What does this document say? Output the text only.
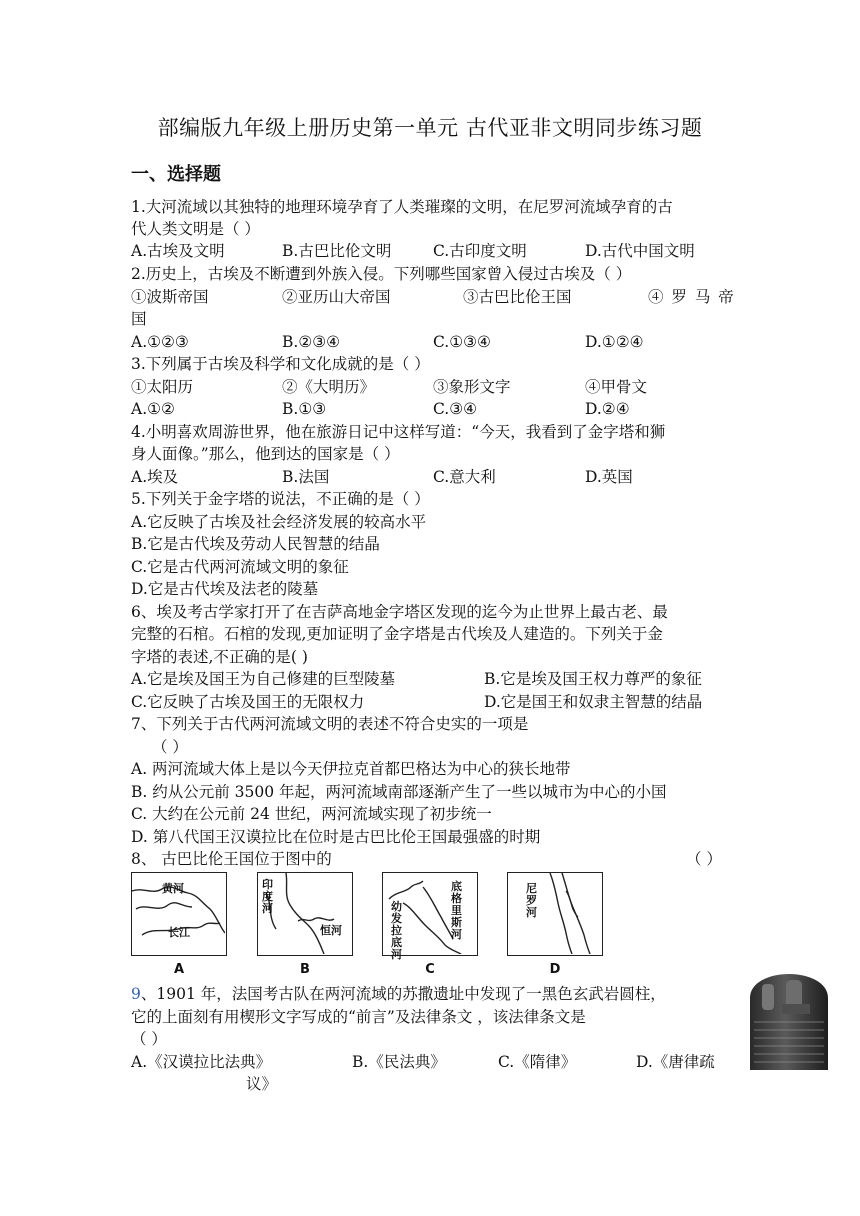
部编版九年级上册历史第一单元 古代亚非文明同步练习题
一、选择题
1.大河流域以其独特的地理环境孕育了人类璀璨的文明，在尼罗河流域孕育的古
代人类文明是（ ）
A.古埃及文明	B.古巴比伦文明	C.古印度文明	D.古代中国文明
2.历史上，古埃及不断遭到外族入侵。下列哪些国家曾入侵过古埃及（ ）
①波斯帝国	②亚历山大帝国	③古巴比伦王国	④ 罗 马 帝
国
A.①②③	B.②③④	C.①③④	D.①②④
3.下列属于古埃及科学和文化成就的是（ ）
①太阳历	②《大明历》	③象形文字	④甲骨文
A.①②	B.①③	C.③④	D.②④
4.小明喜欢周游世界，他在旅游日记中这样写道：“今天，我看到了金字塔和狮
身人面像。”那么，他到达的国家是（ ）
A.埃及	B.法国	C.意大利	D.英国
5.下列关于金字塔的说法，不正确的是（ ）
A.它反映了古埃及社会经济发展的较高水平
B.它是古代埃及劳动人民智慧的结晶
C.它是古代两河流域文明的象征
D.它是古代埃及法老的陵墓
6、埃及考古学家打开了在吉萨高地金字塔区发现的迄今为止世界上最古老、最
完整的石棺。石棺的发现,更加证明了金字塔是古代埃及人建造的。下列关于金
字塔的表述,不正确的是( )
A.它是埃及国王为自己修建的巨型陵墓	B.它是埃及国王权力尊严的象征
C.它反映了古埃及国王的无限权力	D.它是国王和奴隶主智慧的结晶
7、下列关于古代两河流域文明的表述不符合史实的一项是
（ ）
A. 两河流域大体上是以今天伊拉克首都巴格达为中心的狭长地带
B. 约从公元前 3500 年起，两河流域南部逐渐产生了一些以城市为中心的小国
C. 大约在公元前 24 世纪，两河流域实现了初步统一
D. 第八代国王汉谟拉比在位时是古巴比伦王国最强盛的时期
8、 古巴比伦王国位于图中的	（ ）
黄河
长江
A
印度河
恒河
B
幼发拉底河
底格里斯河
C
尼罗河
D
9、1901 年，法国考古队在两河流域的苏撒遗址中发现了一黑色玄武岩圆柱，
它的上面刻有用楔形文字写成的“前言”及法律条文 ，该法律条文是
（ ）
A.《汉谟拉比法典》	B.《民法典》	C.《隋律》	D.《唐律疏
议》
